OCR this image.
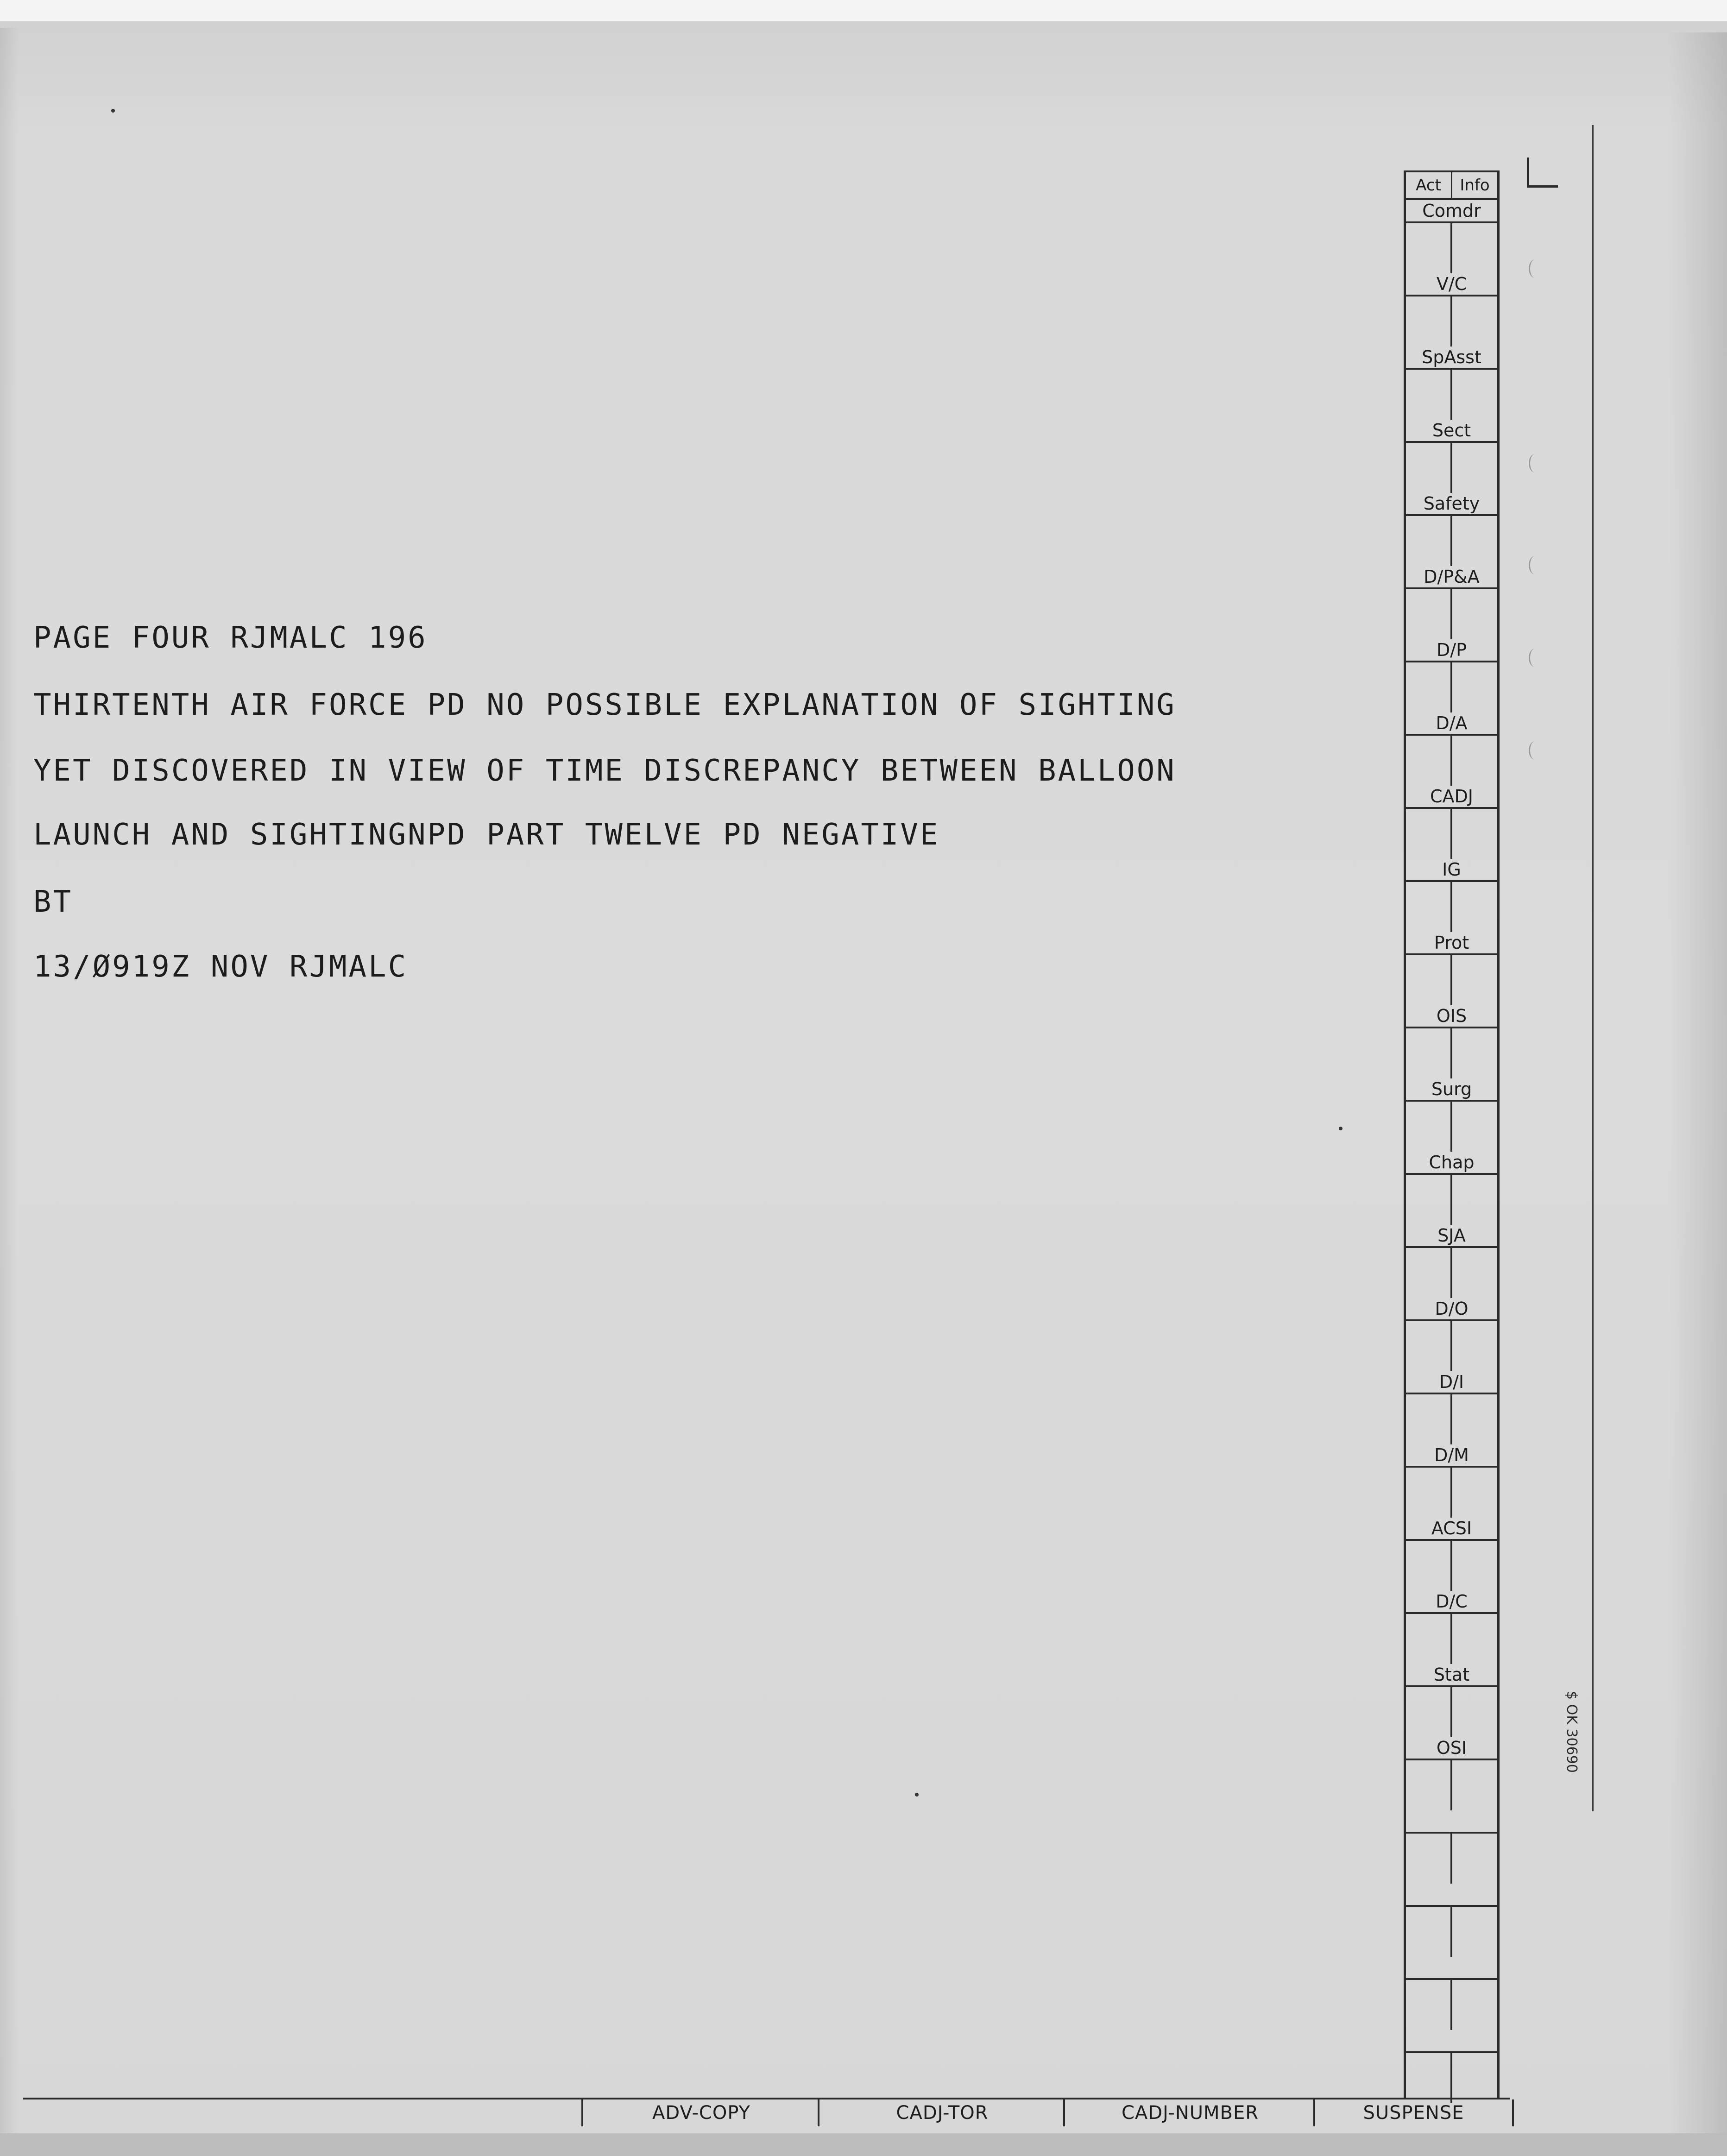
PAGE FOUR RJMALC 196
THIRTENTH AIR FORCE PD NO POSSIBLE EXPLANATION OF SIGHTING
YET DISCOVERED IN VIEW OF TIME DISCREPANCY BETWEEN BALLOON
LAUNCH AND SIGHTINGNPD PART TWELVE PD NEGATIVE
BT
13/Ø919Z NOV RJMALC
Act	Info
Comdr
V/C
SpAsst
Sect
Safety
D/P&A
D/P
D/A
CADJ
IG
Prot
OIS
Surg
Chap
SJA
D/O
D/I
D/M
ACSI
D/C
Stat
OSI
ADV-COPY	CADJ-TOR	CADJ-NUMBER	SUSPENSE
$ OK 30690
